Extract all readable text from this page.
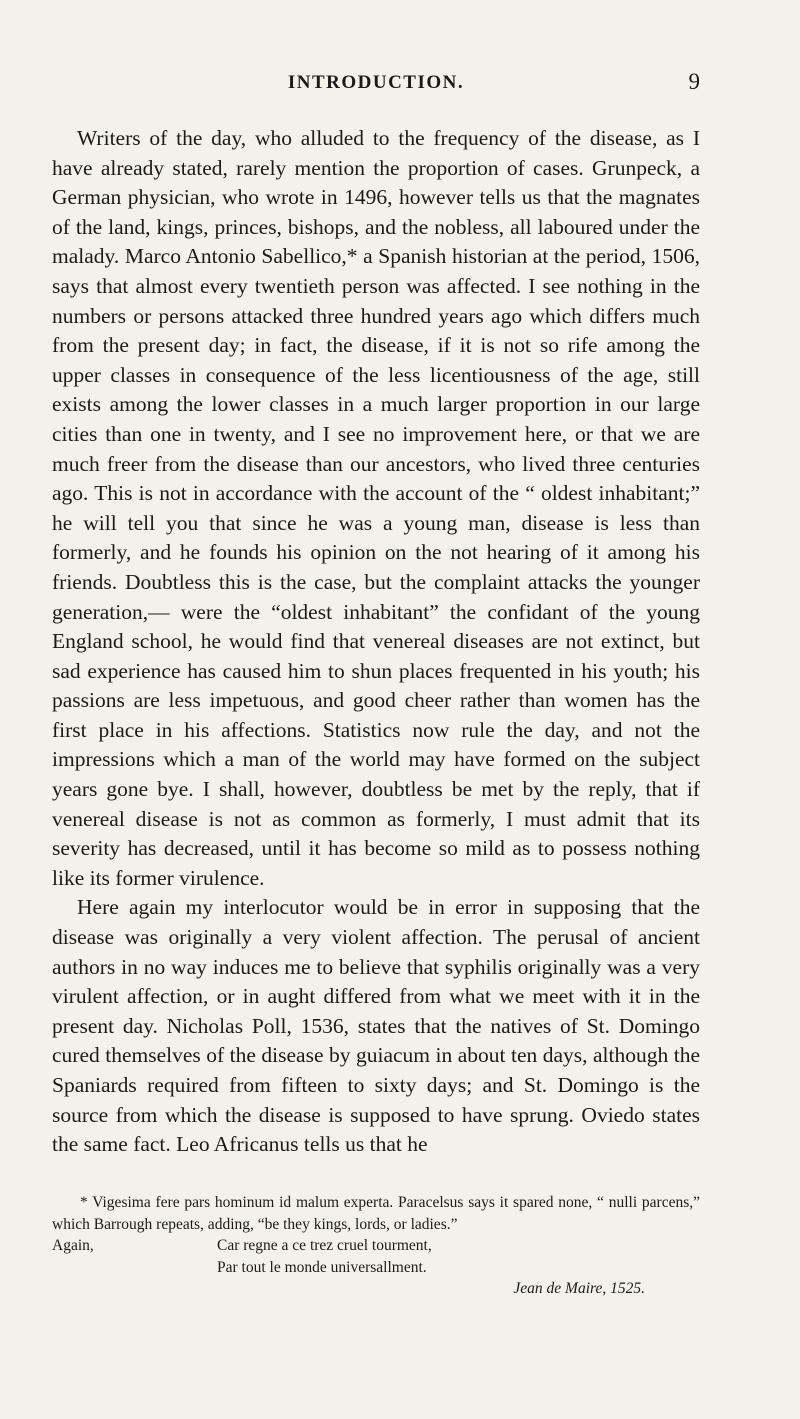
INTRODUCTION.	9

Writers of the day, who alluded to the frequency of the disease, as I have already stated, rarely mention the proportion of cases. Grunpeck, a German physician, who wrote in 1496, however tells us that the magnates of the land, kings, princes, bishops, and the nobless, all laboured under the malady. Marco Antonio Sabellico,* a Spanish historian at the period, 1506, says that almost every twentieth person was affected. I see nothing in the numbers or persons attacked three hundred years ago which differs much from the present day; in fact, the disease, if it is not so rife among the upper classes in consequence of the less licentiousness of the age, still exists among the lower classes in a much larger proportion in our large cities than one in twenty, and I see no improvement here, or that we are much freer from the disease than our ancestors, who lived three centuries ago. This is not in accordance with the account of the “ oldest inhabitant;” he will tell you that since he was a young man, disease is less than formerly, and he founds his opinion on the not hearing of it among his friends. Doubtless this is the case, but the complaint attacks the younger generation,— were the “oldest inhabitant” the confidant of the young England school, he would find that venereal diseases are not extinct, but sad experience has caused him to shun places frequented in his youth; his passions are less impetuous, and good cheer rather than women has the first place in his affections. Statistics now rule the day, and not the impressions which a man of the world may have formed on the subject years gone bye. I shall, however, doubtless be met by the reply, that if venereal disease is not as common as formerly, I must admit that its severity has decreased, until it has become so mild as to possess nothing like its former virulence.

Here again my interlocutor would be in error in supposing that the disease was originally a very violent affection. The perusal of ancient authors in no way induces me to believe that syphilis originally was a very virulent affection, or in aught differed from what we meet with it in the present day. Nicholas Poll, 1536, states that the natives of St. Domingo cured themselves of the disease by guiacum in about ten days, although the Spaniards required from fifteen to sixty days; and St. Domingo is the source from which the disease is supposed to have sprung. Oviedo states the same fact. Leo Africanus tells us that he

* Vigesima fere pars hominum id malum experta. Paracelsus says it spared none, “ nulli parcens,” which Barrough repeats, adding, “be they kings, lords, or ladies.”

Again,	Car regne a ce trez cruel tourment,
Par tout le monde universallment.
Jean de Maire, 1525.
